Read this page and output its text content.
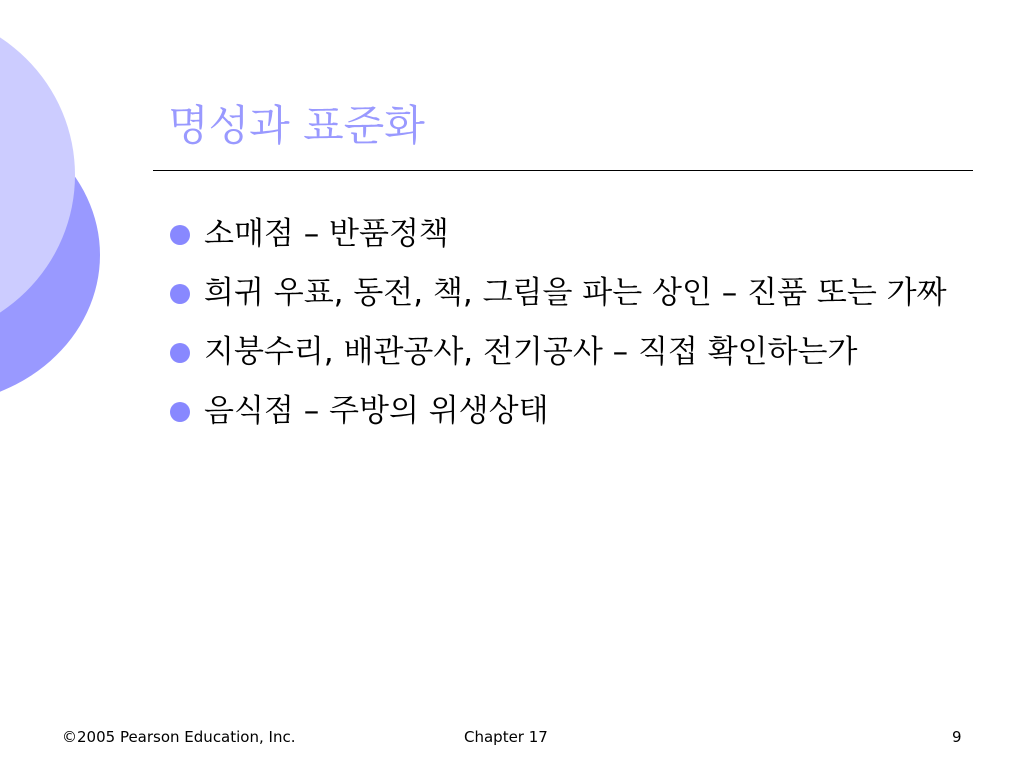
명성과 표준화
소매점 – 반품정책
희귀 우표, 동전, 책, 그림을 파는 상인 – 진품 또는 가짜
지붕수리, 배관공사, 전기공사 – 직접 확인하는가
음식점 – 주방의 위생상태
©2005 Pearson Education, Inc.	Chapter 17	9
